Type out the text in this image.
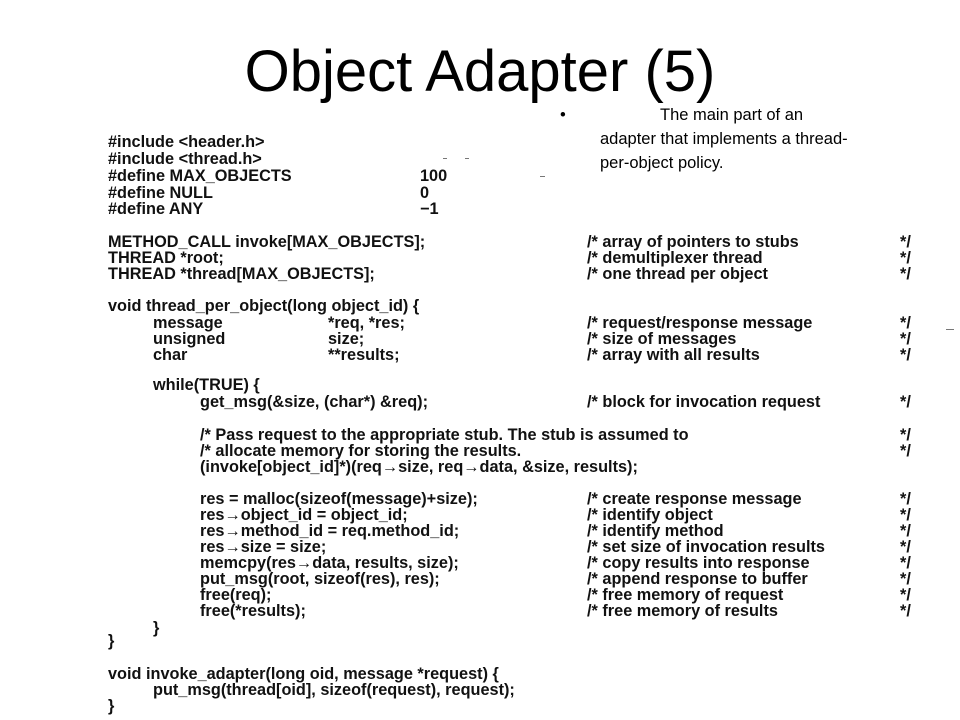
Object Adapter (5)
•	The main part of an adapter that implements a thread-per-object policy.
#include <header.h>
#include <thread.h>
#define MAX_OBJECTS	100
#define NULL	0
#define ANY	−1
METHOD_CALL invoke[MAX_OBJECTS];	/* array of pointers to stubs	*/
THREAD *root;	/* demultiplexer thread	*/
THREAD *thread[MAX_OBJECTS];	/* one thread per object	*/
void thread_per_object(long object_id) {
message	*req, *res;	/* request/response message	*/
unsigned	size;	/* size of messages	*/
char	**results;	/* array with all results	*/
while(TRUE) {
get_msg(&size, (char*) &req);	/* block for invocation request	*/
/* Pass request to the appropriate stub. The stub is assumed to	*/
/* allocate memory for storing the results.	*/
(invoke[object_id]*)(req→size, req→data, &size, results);
res = malloc(sizeof(message)+size);	/* create response message	*/
res→object_id = object_id;	/* identify object	*/
res→method_id = req.method_id;	/* identify method	*/
res→size = size;	/* set size of invocation results	*/
memcpy(res→data, results, size);	/* copy results into response	*/
put_msg(root, sizeof(res), res);	/* append response to buffer	*/
free(req);	/* free memory of request	*/
free(*results);	/* free memory of results	*/
}
}
void invoke_adapter(long oid, message *request) {
put_msg(thread[oid], sizeof(request), request);
}
